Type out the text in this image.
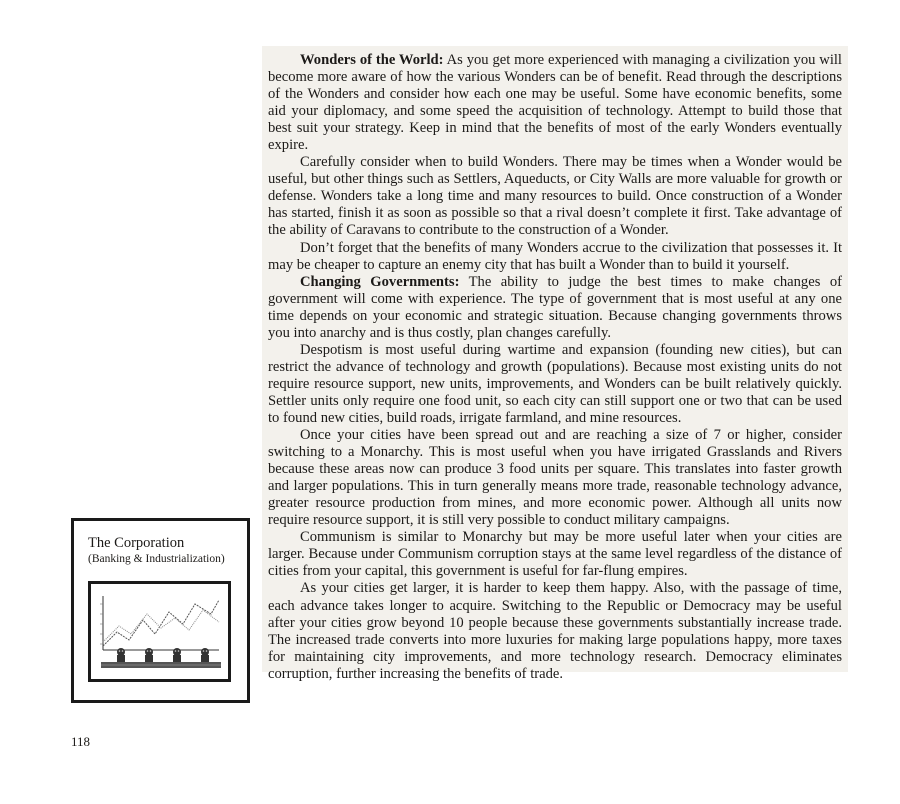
Wonders of the World: As you get more experienced with managing a civilization you will become more aware of how the various Wonders can be of benefit. Read through the descriptions of the Wonders and consider how each one may be useful. Some have economic benefits, some aid your diplomacy, and some speed the acquisition of technology. Attempt to build those that best suit your strategy. Keep in mind that the benefits of most of the early Wonders eventually expire.

Carefully consider when to build Wonders. There may be times when a Wonder would be useful, but other things such as Settlers, Aqueducts, or City Walls are more valuable for growth or defense. Wonders take a long time and many resources to build. Once construction of a Wonder has started, finish it as soon as possible so that a rival doesn’t complete it first. Take advantage of the ability of Caravans to contribute to the construction of a Wonder.

Don’t forget that the benefits of many Wonders accrue to the civilization that possesses it. It may be cheaper to capture an enemy city that has built a Wonder than to build it yourself.

Changing Governments: The ability to judge the best times to make changes of government will come with experience. The type of government that is most useful at any one time depends on your economic and strategic situation. Because changing governments throws you into anarchy and is thus costly, plan changes carefully.

Despotism is most useful during wartime and expansion (founding new cities), but can restrict the advance of technology and growth (populations). Because most existing units do not require resource support, new units, improvements, and Wonders can be built relatively quickly. Settler units only require one food unit, so each city can still support one or two that can be used to found new cities, build roads, irrigate farmland, and mine resources.

Once your cities have been spread out and are reaching a size of 7 or higher, consider switching to a Monarchy. This is most useful when you have irrigated Grasslands and Rivers because these areas now can produce 3 food units per square. This translates into faster growth and larger populations. This in turn generally means more trade, reasonable technology advance, greater resource production from mines, and more economic power. Although all units now require resource support, it is still very possible to conduct military campaigns.

Communism is similar to Monarchy but may be more useful later when your cities are larger. Because under Communism corruption stays at the same level regardless of the distance of cities from your capital, this government is useful for far-flung empires.

As your cities get larger, it is harder to keep them happy. Also, with the passage of time, each advance takes longer to acquire. Switching to the Republic or Democracy may be useful after your cities grow beyond 10 people because these governments substantially increase trade. The increased trade converts into more luxuries for making large populations happy, more taxes for maintaining city improvements, and more technology research. Democracy eliminates corruption, further increasing the benefits of trade.

The Corporation
(Banking & Industrialization)
118
